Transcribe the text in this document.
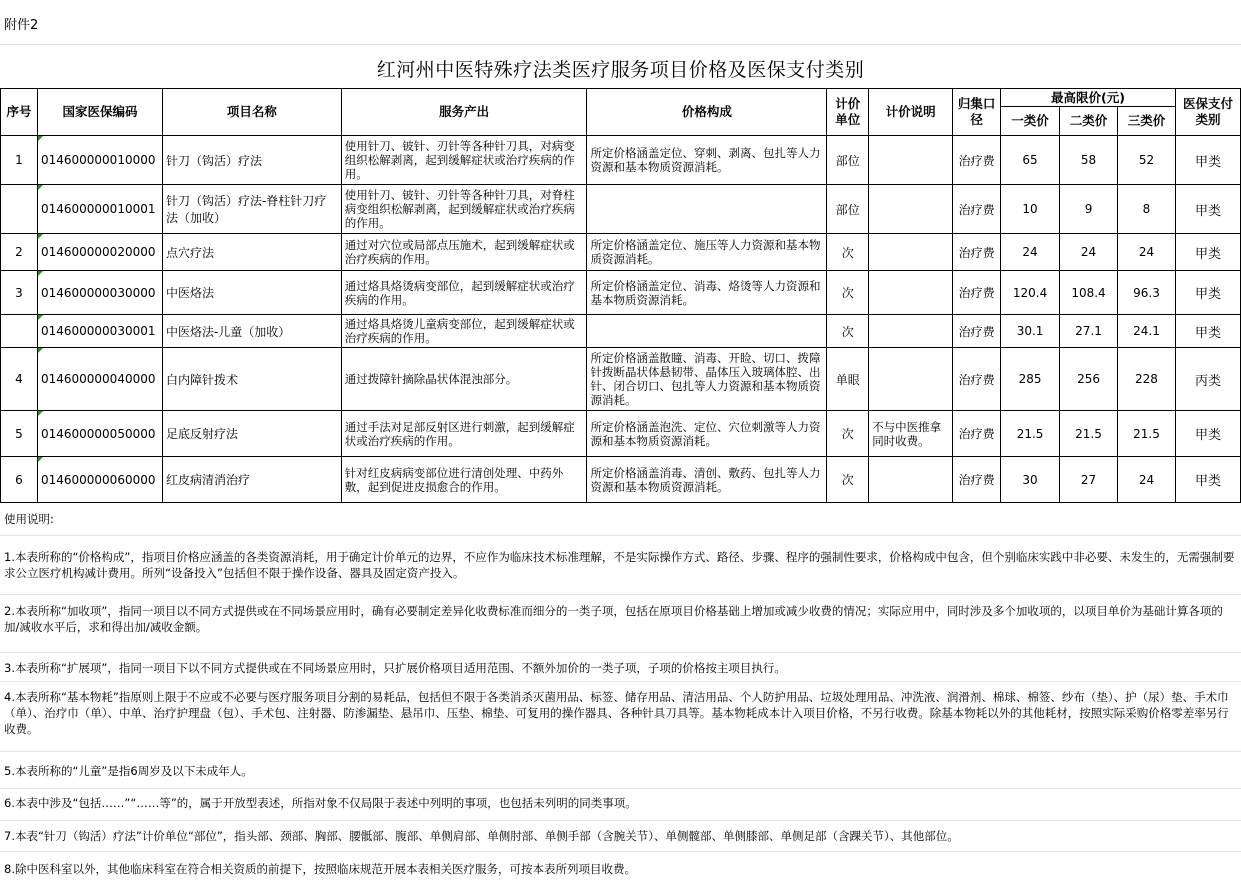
附件2
红河州中医特殊疗法类医疗服务项目价格及医保支付类别
序号	国家医保编码	项目名称	服务产出	价格构成	计价单位	计价说明	归集口径	最高限价(元)			医保支付类别
								一类价	二类价	三类价	
1	014600000010000	针刀（钩活）疗法	使用针刀、铍针、刃针等各种针刀具，对病变组织松解剥离，起到缓解症状或治疗疾病的作用。	所定价格涵盖定位、穿刺、剥离、包扎等人力资源和基本物质资源消耗。	部位		治疗费	65	58	52	甲类
	014600000010001	针刀（钩活）疗法-脊柱针刀疗法（加收）	使用针刀、铍针、刃针等各种针刀具，对脊柱病变组织松解剥离，起到缓解症状或治疗疾病的作用。		部位		治疗费	10	9	8	甲类
2	014600000020000	点穴疗法	通过对穴位或局部点压施术，起到缓解症状或治疗疾病的作用。	所定价格涵盖定位、施压等人力资源和基本物质资源消耗。	次		治疗费	24	24	24	甲类
3	014600000030000	中医烙法	通过烙具烙烫病变部位，起到缓解症状或治疗疾病的作用。	所定价格涵盖定位、消毒、烙烫等人力资源和基本物质资源消耗。	次		治疗费	120.4	108.4	96.3	甲类
	014600000030001	中医烙法-儿童（加收）	通过烙具烙烫儿童病变部位，起到缓解症状或治疗疾病的作用。		次		治疗费	30.1	27.1	24.1	甲类
4	014600000040000	白内障针拨术	通过拨障针摘除晶状体混浊部分。	所定价格涵盖散瞳、消毒、开睑、切口、拨障针拨断晶状体悬韧带、晶体压入玻璃体腔、出针、闭合切口、包扎等人力资源和基本物质资源消耗。	单眼		治疗费	285	256	228	丙类
5	014600000050000	足底反射疗法	通过手法对足部反射区进行刺激，起到缓解症状或治疗疾病的作用。	所定价格涵盖泡洗、定位、穴位刺激等人力资源和基本物质资源消耗。	次	不与中医推拿同时收费。	治疗费	21.5	21.5	21.5	甲类
6	014600000060000	红皮病清消治疗	针对红皮病病变部位进行清创处理、中药外敷，起到促进皮损愈合的作用。	所定价格涵盖消毒、清创、敷药、包扎等人力资源和基本物质资源消耗。	次		治疗费	30	27	24	甲类
使用说明:
1.本表所称的“价格构成”，指项目价格应涵盖的各类资源消耗，用于确定计价单元的边界，不应作为临床技术标准理解，不是实际操作方式、路径、步骤、程序的强制性要求，价格构成中包含，但个别临床实践中非必要、未发生的，无需强制要求公立医疗机构减计费用。所列“设备投入”包括但不限于操作设备、器具及固定资产投入。
2.本表所称“加收项”，指同一项目以不同方式提供或在不同场景应用时，确有必要制定差异化收费标准而细分的一类子项，包括在原项目价格基础上增加或减少收费的情况；实际应用中，同时涉及多个加收项的，以项目单价为基础计算各项的加/减收水平后，求和得出加/减收金额。
3.本表所称“扩展项”，指同一项目下以不同方式提供或在不同场景应用时，只扩展价格项目适用范围、不额外加价的一类子项，子项的价格按主项目执行。
4.本表所称“基本物耗”指原则上限于不应或不必要与医疗服务项目分割的易耗品，包括但不限于各类消杀灭菌用品、标签、储存用品、清洁用品、个人防护用品、垃圾处理用品、冲洗液、润滑剂、棉球、棉签、纱布（垫）、护（尿）垫、手术巾（单）、治疗巾（单）、中单、治疗护理盘（包）、手术包、注射器、防渗漏垫、悬吊巾、压垫、棉垫、可复用的操作器具、各种针具刀具等。基本物耗成本计入项目价格，不另行收费。除基本物耗以外的其他耗材，按照实际采购价格零差率另行收费。
5.本表所称的“儿童”是指6周岁及以下未成年人。
6.本表中涉及“包括……”“……等”的，属于开放型表述，所指对象不仅局限于表述中列明的事项，也包括未列明的同类事项。
7.本表“针刀（钩活）疗法”计价单位“部位”，指头部、颈部、胸部、腰骶部、腹部、单侧肩部、单侧肘部、单侧手部（含腕关节）、单侧髋部、单侧膝部、单侧足部（含踝关节）、其他部位。
8.除中医科室以外，其他临床科室在符合相关资质的前提下，按照临床规范开展本表相关医疗服务，可按本表所列项目收费。
